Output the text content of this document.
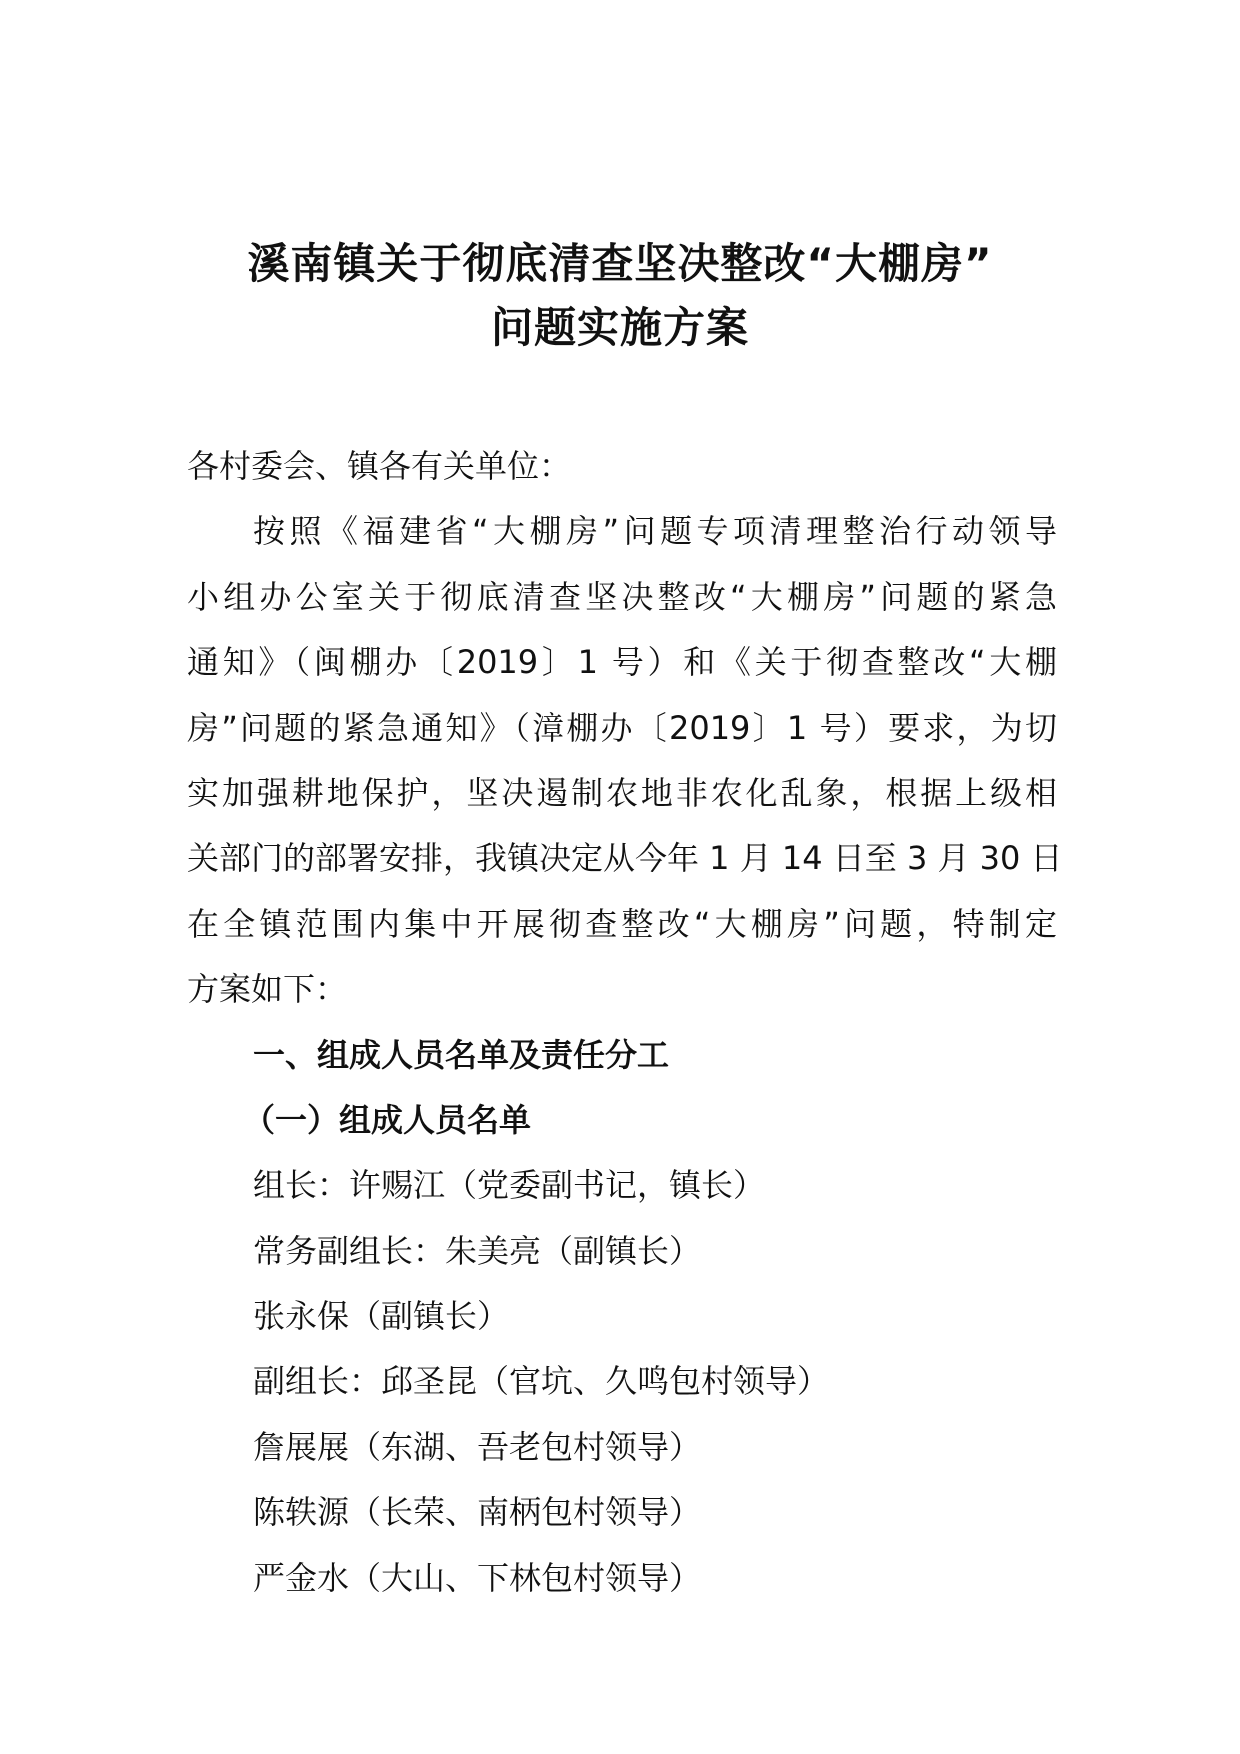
溪南镇关于彻底清查坚决整改“大棚房”
问题实施方案
各村委会、镇各有关单位：
按照《福建省“大棚房”问题专项清理整治行动领导
小组办公室关于彻底清查坚决整改“大棚房”问题的紧急
通知》（闽棚办〔2019〕1 号）和《关于彻查整改“大棚
房”问题的紧急通知》（漳棚办〔2019〕1 号）要求，为切
实加强耕地保护，坚决遏制农地非农化乱象，根据上级相
关部门的部署安排，我镇决定从今年 1 月 14 日至 3 月 30 日
在全镇范围内集中开展彻查整改“大棚房”问题，特制定
方案如下：
一、组成人员名单及责任分工
（一）组成人员名单
组长：许赐江（党委副书记，镇长）
常务副组长：朱美亮（副镇长）
张永保（副镇长）
副组长：邱圣昆（官坑、久鸣包村领导）
詹展展（东湖、吾老包村领导）
陈轶源（长荣、南柄包村领导）
严金水（大山、下林包村领导）
